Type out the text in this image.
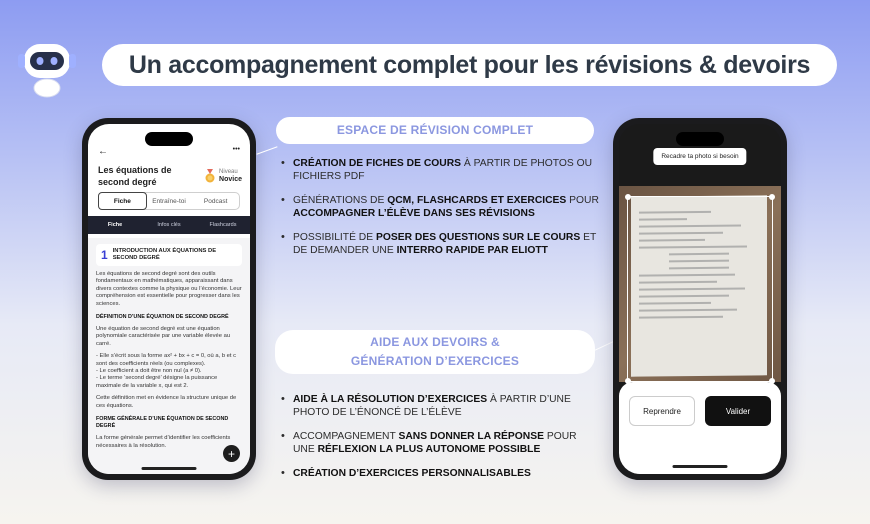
Un accompagnement complet pour les révisions & devoirs
←	•••
Les équations de second degré
Niveau
Novice
Fiche	Entraîne-toi	Podcast
Fiche	Infos clés	Flashcards
1 INTRODUCTION AUX ÉQUATIONS DE SECOND DEGRÉ
Les équations de second degré sont des outils fondamentaux en mathématiques, apparaissant dans divers contextes comme la physique ou l’économie. Leur compréhension est essentielle pour progresser dans les sciences.
DÉFINITION D’UNE ÉQUATION DE SECOND DEGRÉ
Une équation de second degré est une équation polynomiale caractérisée par une variable élevée au carré.
- Elle s’écrit sous la forme ax² + bx + c = 0, où a, b et c sont des coefficients réels (ou complexes).
- Le coefficient a doit être non nul (a ≠ 0).
- Le terme ‘second degré’ désigne la puissance maximale de la variable x, qui est 2.
Cette définition met en évidence la structure unique de ces équations.
FORME GÉNÉRALE D’UNE ÉQUATION DE SECOND DEGRÉ
La forme générale permet d’identifier les coefficients nécessaires à la résolution.
+
ESPACE DE RÉVISION COMPLET
• CRÉATION DE FICHES DE COURS À PARTIR DE PHOTOS OU FICHIERS PDF
• GÉNÉRATIONS DE QCM, FLASHCARDS ET EXERCICES POUR ACCOMPAGNER L’ÉLÈVE DANS SES RÉVISIONS
• POSSIBILITÉ DE POSER DES QUESTIONS SUR LE COURS ET DE DEMANDER UNE INTERRO RAPIDE PAR ELIOTT
AIDE AUX DEVOIRS &
GÉNÉRATION D’EXERCICES
• AIDE À LA RÉSOLUTION D’EXERCICES À PARTIR D’UNE PHOTO DE L’ÉNONCÉ DE L’ÉLÈVE
• ACCOMPAGNEMENT SANS DONNER LA RÉPONSE POUR UNE RÉFLEXION LA PLUS AUTONOME POSSIBLE
• CRÉATION D’EXERCICES PERSONNALISABLES
Recadre ta photo si besoin
Reprendre	Valider
